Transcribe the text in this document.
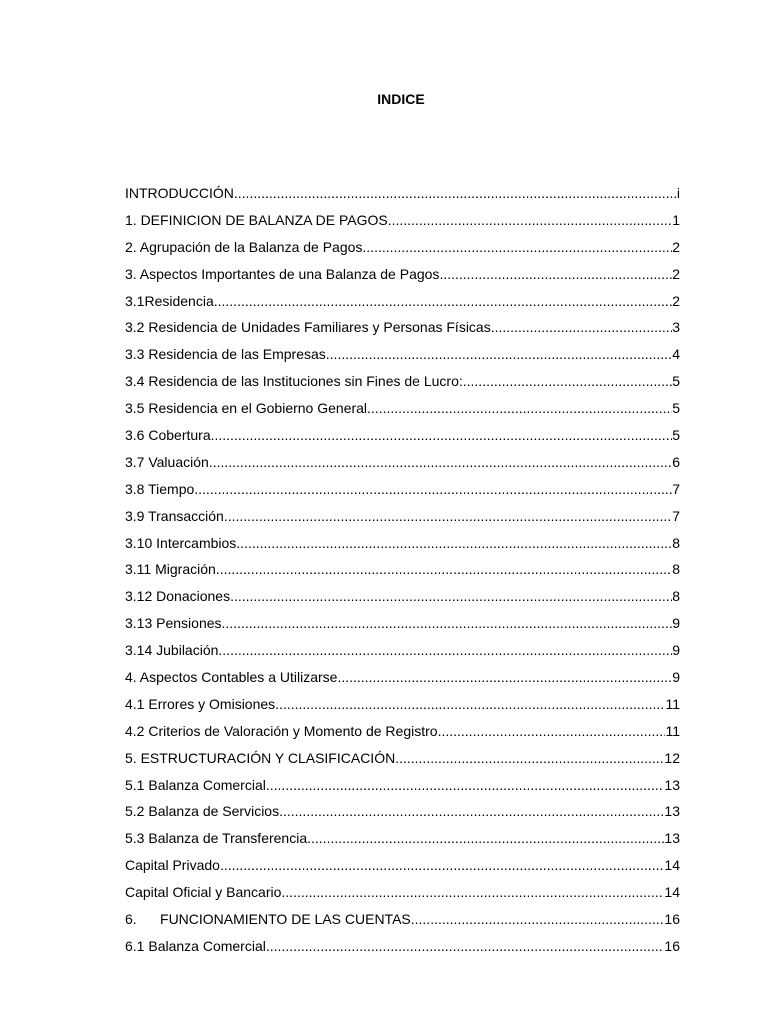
INDICE
INTRODUCCIÓN .....	i
1. DEFINICION DE BALANZA DE PAGOS .....	1
2. Agrupación de la Balanza de Pagos .....	2
3. Aspectos Importantes de una Balanza de Pagos .....	2
3.1Residencia .....	2
3.2 Residencia de Unidades Familiares y Personas Físicas .....	3
3.3 Residencia de las Empresas .....	4
3.4 Residencia de las Instituciones sin Fines de Lucro: .....	5
3.5 Residencia en el Gobierno General .....	5
3.6 Cobertura .....	5
3.7 Valuación .....	6
3.8 Tiempo .....	7
3.9 Transacción .....	7
3.10 Intercambios .....	8
3.11 Migración .....	8
3.12 Donaciones .....	8
3.13 Pensiones .....	9
3.14 Jubilación .....	9
4. Aspectos Contables a Utilizarse .....	9
4.1 Errores y Omisiones .....	11
4.2 Criterios de Valoración y Momento de Registro .....	11
5. ESTRUCTURACIÓN Y CLASIFICACIÓN .....	12
5.1 Balanza Comercial .....	13
5.2 Balanza de Servicios .....	13
5.3 Balanza de Transferencia .....	13
Capital Privado .....	14
Capital Oficial y Bancario .....	14
6.      FUNCIONAMIENTO DE LAS CUENTAS .....	16
6.1 Balanza Comercial .....	16
